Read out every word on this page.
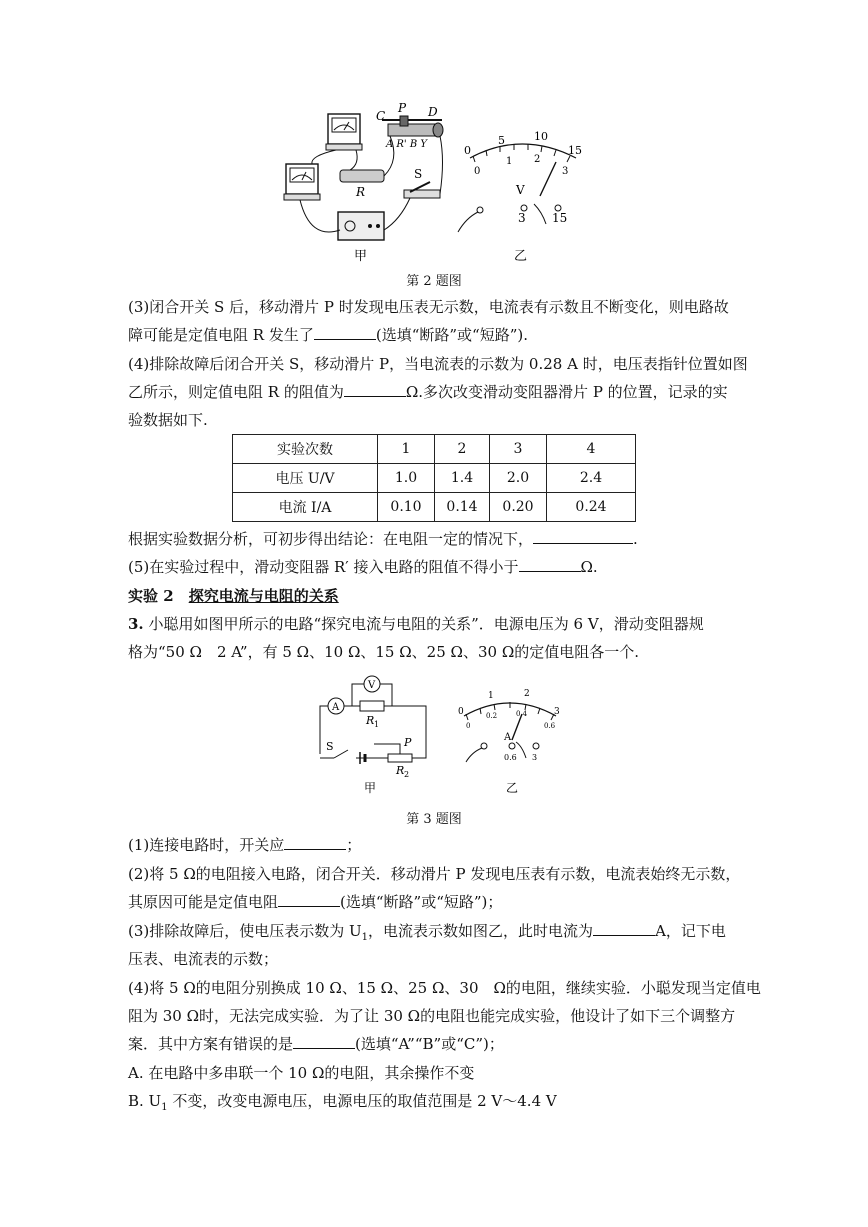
C
P D
A R' B Y
R
S
甲
0
5	10
15
0
1 2
3
V
3 15
乙
第 2 题图
(3)闭合开关 S 后，移动滑片 P 时发现电压表无示数，电流表有示数且不断变化，则电路故
障可能是定值电阻 R 发生了	(选填“断路”或“短路”).
(4)排除故障后闭合开关 S，移动滑片 P，当电流表的示数为 0.28 A 时，电压表指针位置如图
乙所示，则定值电阻 R 的阻值为	Ω.多次改变滑动变阻器滑片 P 的位置，记录的实
验数据如下.
实验次数	1	2	3	4
电压 U/V	1.0	1.4	2.0	2.4
电流 I/A	0.10	0.14	0.20	0.24
根据实验数据分析，可初步得出结论：在电阻一定的情况下，	.
(5)在实验过程中，滑动变阻器 R′ 接入电路的阻值不得小于	Ω.
实验 2　 探究电流与电阻的关系
3. 小聪用如图甲所示的电路“探究电流与电阻的关系”．电源电压为 6 V，滑动变阻器规
格为“50 Ω　2 A”，有 5 Ω、10 Ω、15 Ω、25 Ω、30 Ω的定值电阻各一个.
A
V
R 1
S	P
R 2
甲
0
1	2
3
0
0.2	0.4
0.6
A
0.6 3
乙
第 3 题图
(1)连接电路时，开关应	；
(2)将 5 Ω的电阻接入电路，闭合开关．移动滑片 P 发现电压表有示数，电流表始终无示数，
其原因可能是定值电阻	(选填“断路”或“短路”)；
(3)排除故障后，使电压表示数为 $U_1$，电流表示数如图乙，此时电流为	A，记下电
压表、电流表的示数；
(4)将 5 Ω的电阻分别换成 10 Ω、15 Ω、25 Ω、30　Ω的电阻，继续实验．小聪发现当定值电
阻为 30 Ω时，无法完成实验．为了让 30 Ω的电阻也能完成实验，他设计了如下三个调整方
案．其中方案有错误的是	(选填“A”“B”或“C”)；
A. 在电路中多串联一个 10 Ω的电阻，其余操作不变
B. $U_1$ 不变，改变电源电压，电源电压的取值范围是 2 V～4.4 V
